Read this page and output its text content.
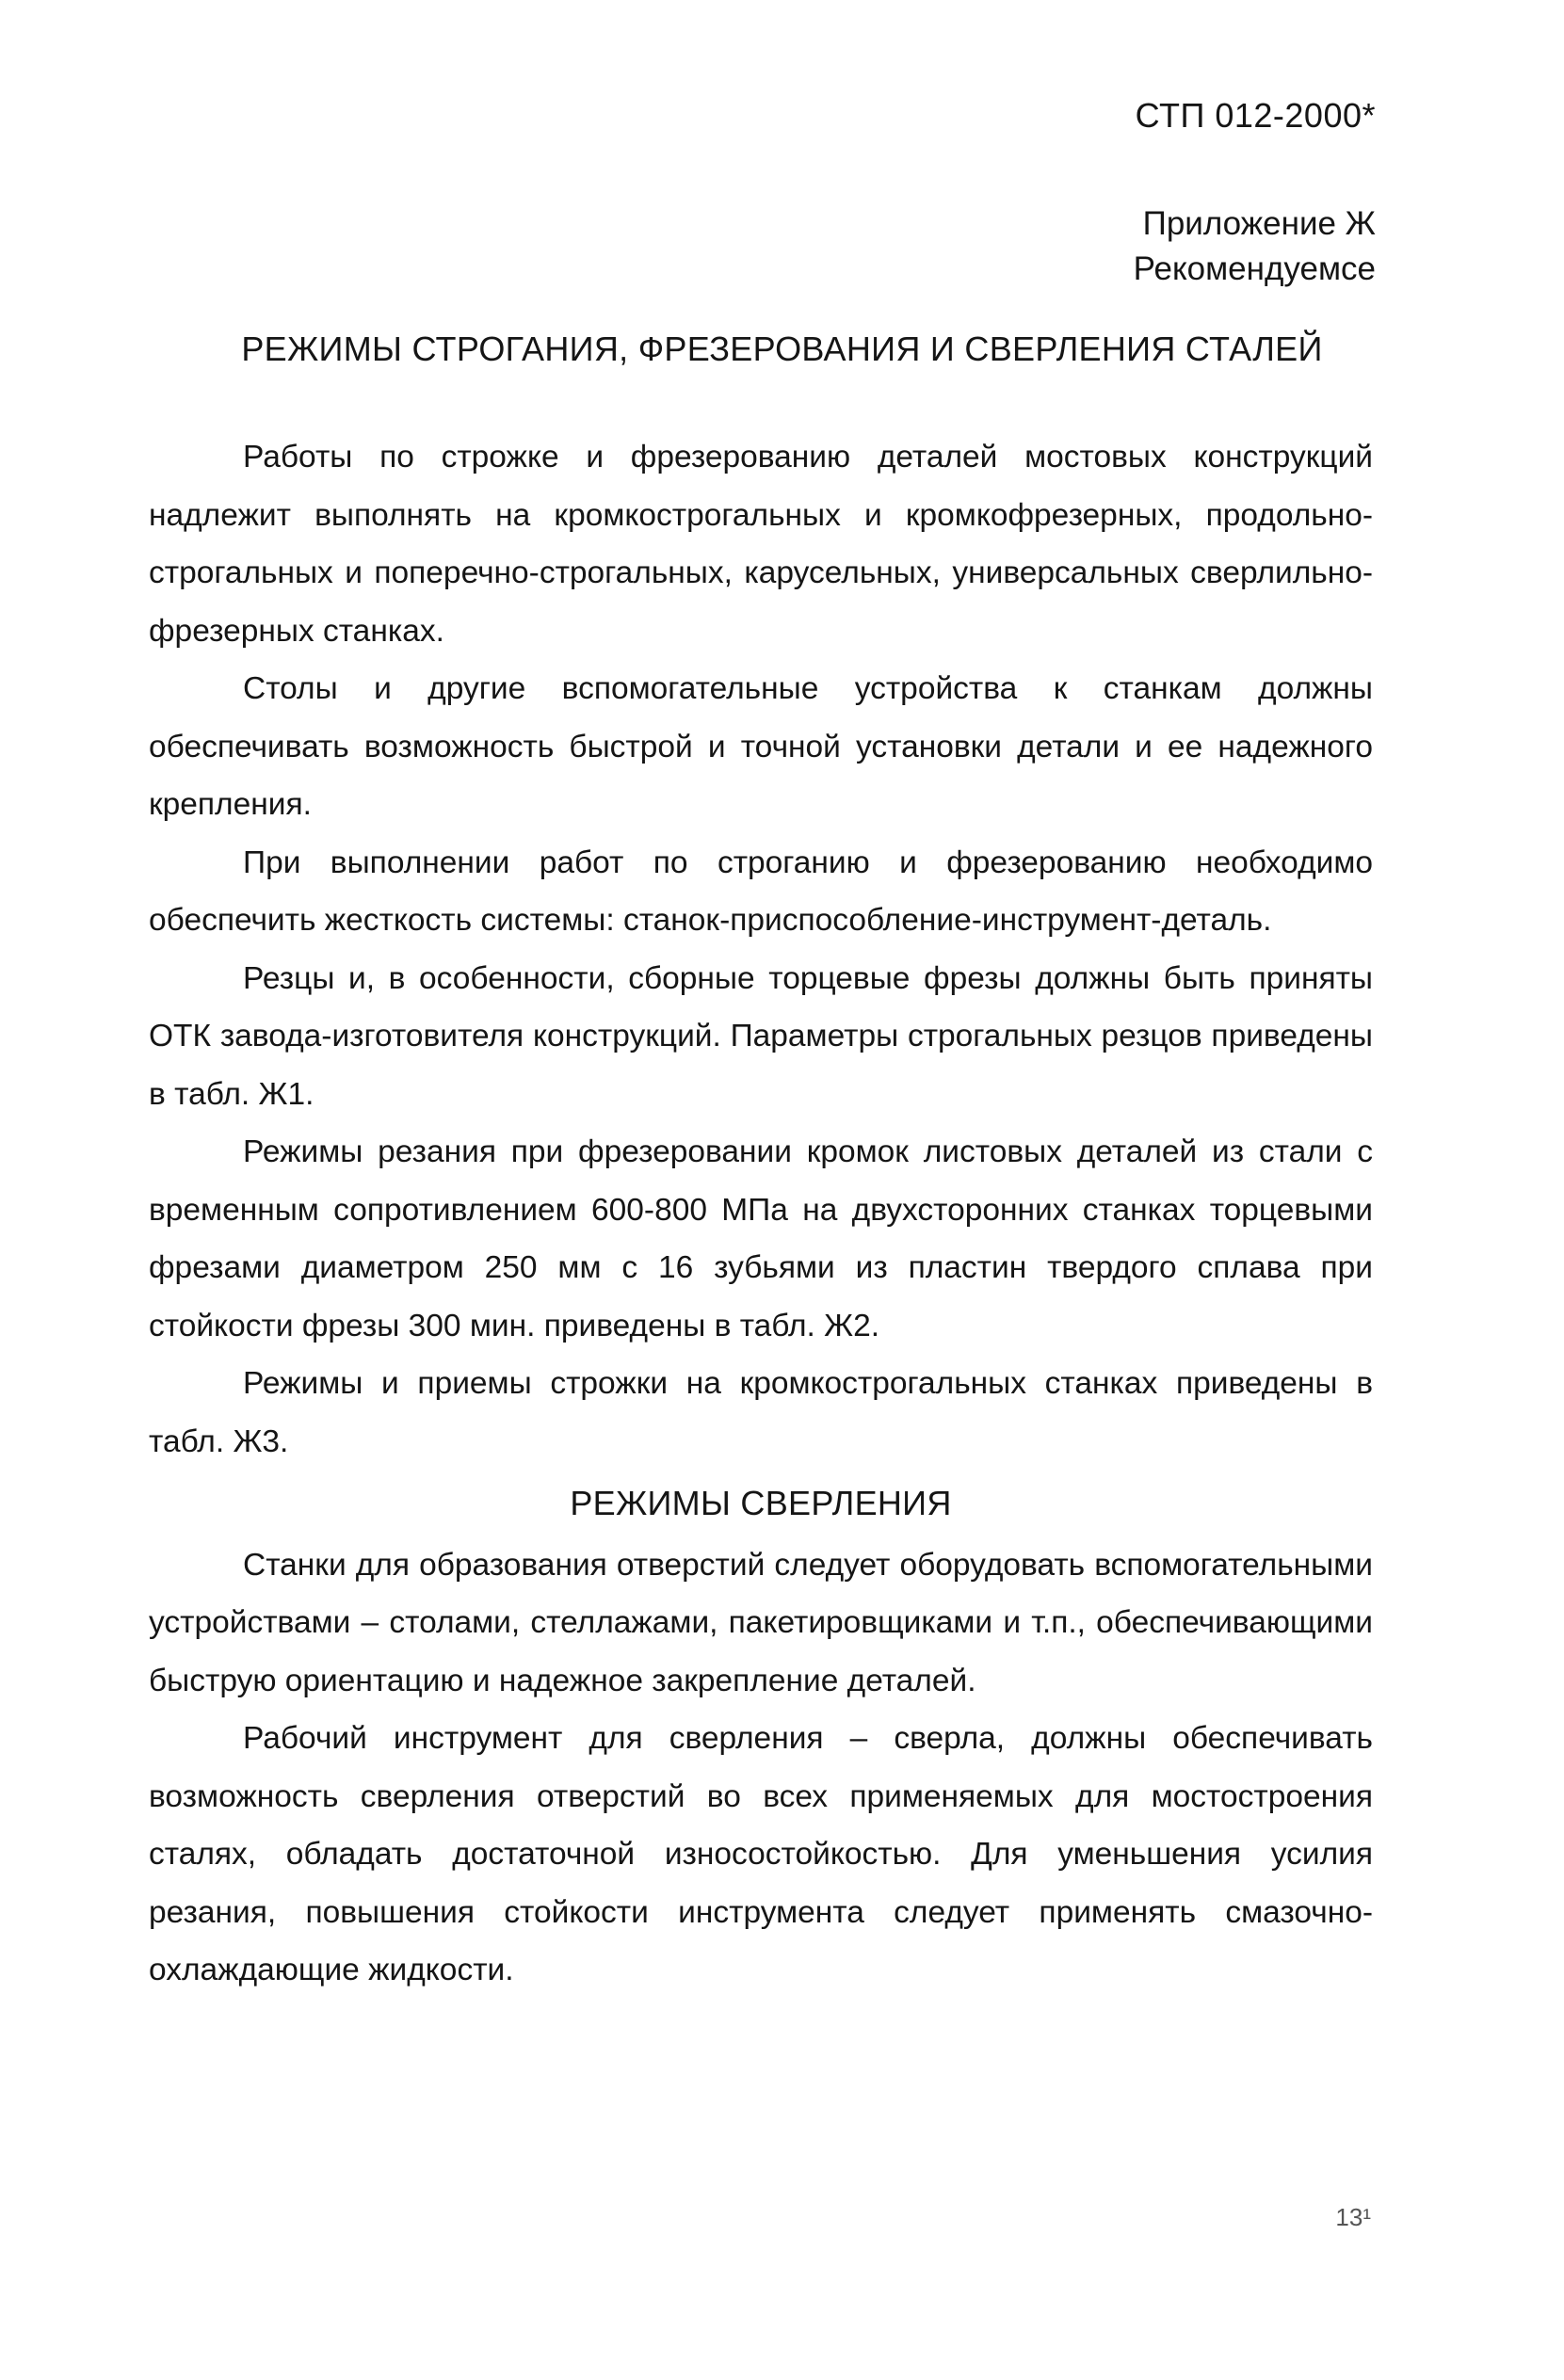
СТП 012-2000*
Приложение Ж
Рекомендуемсе
РЕЖИМЫ СТРОГАНИЯ, ФРЕЗЕРОВАНИЯ И СВЕРЛЕНИЯ СТАЛЕЙ

Работы по строжке и фрезерованию деталей мостовых конструкций надлежит выполнять на кромкострогальных и кромкофрезерных, продольно-строгальных и поперечно-строгальных, карусельных, универсальных сверлильно-фрезерных станках.

Столы и другие вспомогательные устройства к станкам должны обеспечивать возможность быстрой и точной установки детали и ее надежного крепления.

При выполнении работ по строганию и фрезерованию необходимо обеспечить жесткость системы: станок-приспособление-инструмент-деталь.

Резцы и, в особенности, сборные торцевые фрезы должны быть приняты ОТК завода-изготовителя конструкций. Параметры строгальных резцов приведены в табл. Ж1.

Режимы резания при фрезеровании кромок листовых деталей из стали с временным сопротивлением 600-800 МПа на двухсторонних станках торцевыми фрезами диаметром 250 мм с 16 зубьями из пластин твердого сплава при стойкости фрезы 300 мин. приведены в табл. Ж2.

Режимы и приемы строжки на кромкострогальных станках приведены в табл. Ж3.

РЕЖИМЫ СВЕРЛЕНИЯ

Станки для образования отверстий следует оборудовать вспомогательными устройствами – столами, стеллажами, пакетировщиками и т.п., обеспечивающими быструю ориентацию и надежное закрепление деталей.

Рабочий инструмент для сверления – сверла, должны обеспечивать возможность сверления отверстий во всех применяемых для мостостроения сталях, обладать достаточной износостойкостью. Для уменьшения усилия резания, повышения стойкости инструмента следует применять смазочно-охлаждающие жидкости.

13¹
